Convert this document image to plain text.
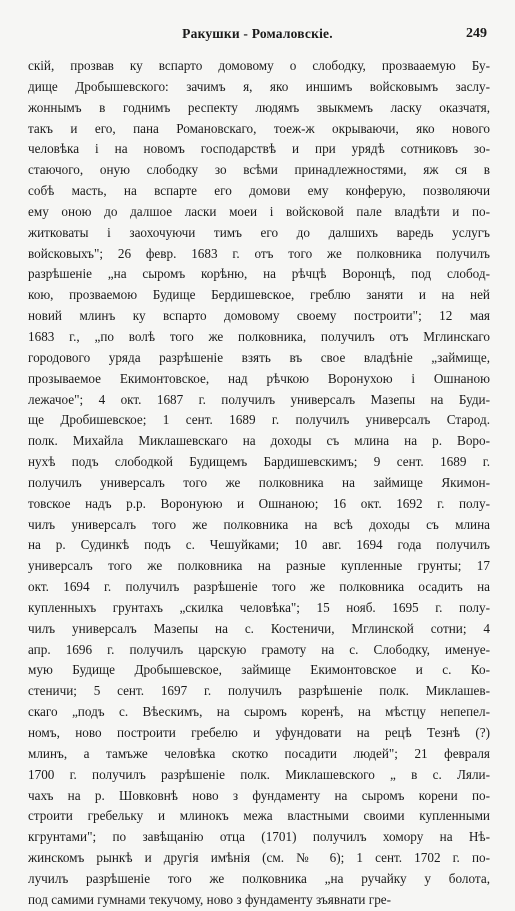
Ракушки - Ромаловскіе.	249
скій, прозвав ку вспарто домовому о слободку, прозвааемую Бу-
дище Дробышевского: зачимъ я, яко иншимъ войсковымъ заслу-
жоннымъ в годнимъ респекту людямъ звыкмемъ ласку оказчатя,
такъ и его, пана Романовскаго, тоеж-ж окрываючи, яко нового
человѣка і на новомъ господарствѣ и при урядѣ сотниковъ зо-
стаючого, оную слободку зо всѣми принадлежностями, яж ся в
собѣ масть, на вспарте его домови ему конферую, позволяючи
ему оною до далшое ласки моеи і войсковой пале владѣти и по-
житковаты і заохочуючи тимъ его до далшихъ варедь услугъ
войсковыхъ"; 26 февр. 1683 г. отъ того же полковника получилъ
разрѣшеніе „на сыромъ корѣню, на рѣчцѣ Воронцѣ, под слобод-
кою, прозваемою Будище Бердишевское, греблю заняти и на ней
новий млинъ ку вспарто домовому своему построити"; 12 мая
1683 г., „по волѣ того же полковника, получилъ отъ Мглинскаго
городового уряда разрѣшеніе взять въ свое владѣніе „займище,
прозываемое Екимонтовское, над рѣчкою Воронухою і Ошнаною
лежачое"; 4 окт. 1687 г. получилъ универсалъ Мазепы на Буди-
ще Дробишевское; 1 сент. 1689 г. получилъ универсалъ Старод.
полк. Михайла Миклашевскаго на доходы съ млина на р. Воро-
нухѣ подъ слободкой Будищемъ Бардишевскимъ; 9 сент. 1689 г.
получилъ универсалъ того же полковника на займище Якимон-
товское надъ р.р. Воронуюю и Ошнаною; 16 окт. 1692 г. полу-
чилъ универсалъ того же полковника на всѣ доходы съ млина
на р. Судинкѣ подъ с. Чешуйками; 10 авг. 1694 года получилъ
универсалъ того же полковника на разные купленные грунты; 17
окт. 1694 г. получилъ разрѣшеніе того же полковника осадить на
купленныхъ грунтахъ „скилка человѣка"; 15 нояб. 1695 г. полу-
чилъ универсалъ Мазепы на с. Костеничи, Мглинской сотни; 4
апр. 1696 г. получилъ царскую грамоту на с. Слободку, именуе-
мую Будище Дробышевское, займище Екимонтовское и с. Ко-
стеничи; 5 сент. 1697 г. получилъ разрѣшеніе полк. Миклашев-
скаго „подъ с. Вѣескимъ, на сыромъ коренѣ, на мѣстцу непепел-
номъ, ново построити гребелю и уфундовати на рецѣ Тезнѣ (?)
млинъ, а тамъже человѣка скотко посадити людей"; 21 февраля
1700 г. получилъ разрѣшеніе полк. Миклашевского „ в с. Ляли-
чахъ на р. Шовковнѣ ново з фундаменту на сыромъ корени по-
строити гребельку и млинокъ межа властными своими купленными
кгрунтами"; по завѣщанію отца (1701) получилъ хомору на Нѣ-
жинскомъ рынкѣ и другія имѣнія (см. № 6); 1 сент. 1702 г. по-
лучилъ разрѣшеніе того же полковника „на ручайку у болота,
под самими гумнами текучому, ново з фундаменту зъявнати гре-
